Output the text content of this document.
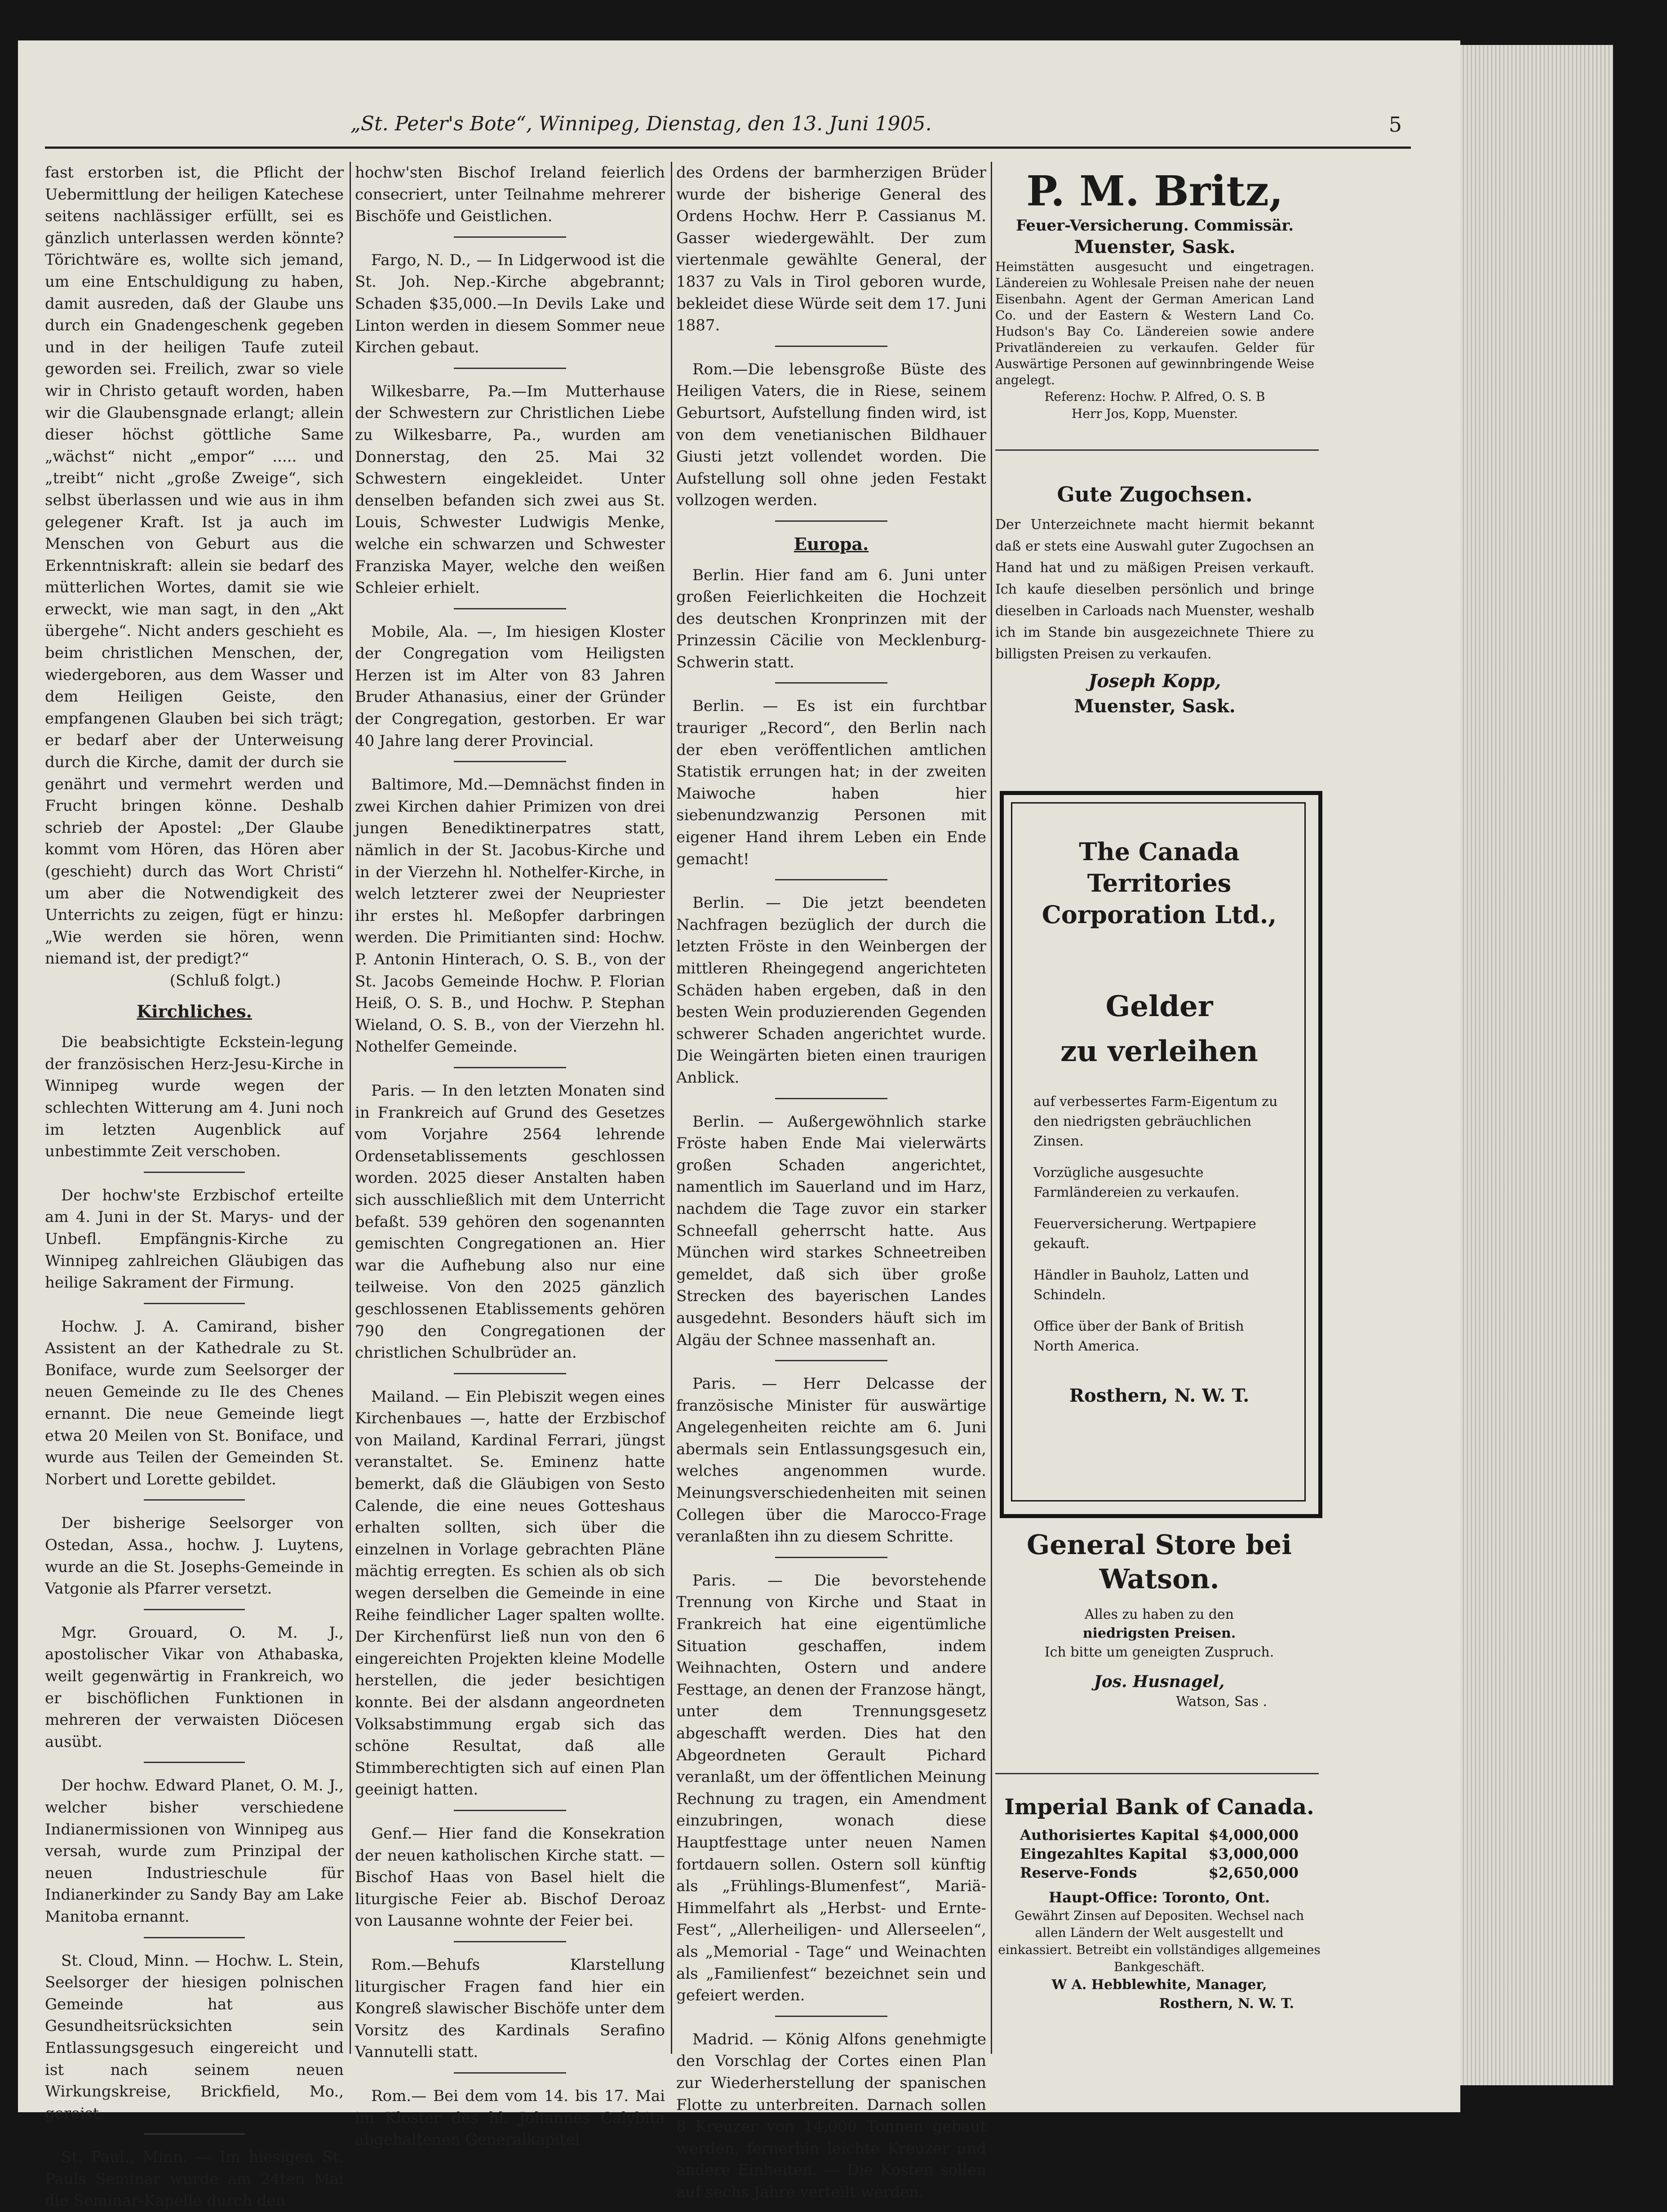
„St. Peter's Bote“, Winnipeg, Dienstag, den 13. Juni 1905.	5

fast erstorben ist, die Pflicht der Uebermittlung der heiligen Katechese seitens nachlässiger erfüllt, sei es gänzlich unterlassen werden könnte? Törichtwäre es, wollte sich jemand, um eine Entschuldigung zu haben, damit ausreden, daß der Glaube uns durch ein Gnadengeschenk gegeben und in der heiligen Taufe zuteil geworden sei. Freilich, zwar so viele wir in Christo getauft worden, haben wir die Glaubensgnade erlangt; allein dieser höchst göttliche Same „wächst“ nicht „empor“ ..... und „treibt“ nicht „große Zweige“, sich selbst überlassen und wie aus in ihm gelegener Kraft. Ist ja auch im Menschen von Geburt aus die Erkenntniskraft: allein sie bedarf des mütterlichen Wortes, damit sie wie erweckt, wie man sagt, in den „Akt übergehe“. Nicht anders geschieht es beim christlichen Menschen, der, wiedergeboren, aus dem Wasser und dem Heiligen Geiste, den empfangenen Glauben bei sich trägt; er bedarf aber der Unterweisung durch die Kirche, damit der durch sie genährt und vermehrt werden und Frucht bringen könne. Deshalb schrieb der Apostel: „Der Glaube kommt vom Hören, das Hören aber (geschieht) durch das Wort Christi“ um aber die Notwendigkeit des Unterrichts zu zeigen, fügt er hinzu: „Wie werden sie hören, wenn niemand ist, der predigt?“

(Schluß folgt.)

Kirchliches.

Die beabsichtigte Eckstein-legung der französischen Herz-Jesu-Kirche in Winnipeg wurde wegen der schlechten Witterung am 4. Juni noch im letzten Augenblick auf unbestimmte Zeit verschoben.

Der hochw'ste Erzbischof erteilte am 4. Juni in der St. Marys- und der Unbefl. Empfängnis-Kirche zu Winnipeg zahlreichen Gläubigen das heilige Sakrament der Firmung.

Hochw. J. A. Camirand, bisher Assistent an der Kathedrale zu St. Boniface, wurde zum Seelsorger der neuen Gemeinde zu Ile des Chenes ernannt. Die neue Gemeinde liegt etwa 20 Meilen von St. Boniface, und wurde aus Teilen der Gemeinden St. Norbert und Lorette gebildet.

Der bisherige Seelsorger von Ostedan, Assa., hochw. J. Luytens, wurde an die St. Josephs-Gemeinde in Vatgonie als Pfarrer versetzt.

Mgr. Grouard, O. M. J., apostolischer Vikar von Athabaska, weilt gegenwärtig in Frankreich, wo er bischöflichen Funktionen in mehreren der verwaisten Diöcesen ausübt.

Der hochw. Edward Planet, O. M. J., welcher bisher verschiedene Indianermissionen von Winnipeg aus versah, wurde zum Prinzipal der neuen Industrieschule für Indianerkinder zu Sandy Bay am Lake Manitoba ernannt.

St. Cloud, Minn. — Hochw. L. Stein, Seelsorger der hiesigen polnischen Gemeinde hat aus Gesundheitsrücksichten sein Entlassungsgesuch eingereicht und ist nach seinem neuen Wirkungskreise, Brickfield, Mo., gereist.

St. Paul., Minn. — Im hiesigen St. Pauls Seminar wurde am 24ten Mai die Seminar-Kapelle durch den

hochw'sten Bischof Ireland feierlich consecriert, unter Teilnahme mehrerer Bischöfe und Geistlichen.

Fargo, N. D., — In Lidgerwood ist die St. Joh. Nep.-Kirche abgebrannt; Schaden $35,000.—In Devils Lake und Linton werden in diesem Sommer neue Kirchen gebaut.

Wilkesbarre, Pa.—Im Mutterhause der Schwestern zur Christlichen Liebe zu Wilkesbarre, Pa., wurden am Donnerstag, den 25. Mai 32 Schwestern eingekleidet. Unter denselben befanden sich zwei aus St. Louis, Schwester Ludwigis Menke, welche ein schwarzen und Schwester Franziska Mayer, welche den weißen Schleier erhielt.

Mobile, Ala. —, Im hiesigen Kloster der Congregation vom Heiligsten Herzen ist im Alter von 83 Jahren Bruder Athanasius, einer der Gründer der Congregation, gestorben. Er war 40 Jahre lang derer Provincial.

Baltimore, Md.—Demnächst finden in zwei Kirchen dahier Primizen von drei jungen Benediktinerpatres statt, nämlich in der St. Jacobus-Kirche und in der Vierzehn hl. Nothelfer-Kirche, in welch letzterer zwei der Neupriester ihr erstes hl. Meßopfer darbringen werden. Die Primitianten sind: Hochw. P. Antonin Hinterach, O. S. B., von der St. Jacobs Gemeinde Hochw. P. Florian Heiß, O. S. B., und Hochw. P. Stephan Wieland, O. S. B., von der Vierzehn hl. Nothelfer Gemeinde.

Paris. — In den letzten Monaten sind in Frankreich auf Grund des Gesetzes vom Vorjahre 2564 lehrende Ordensetablissements geschlossen worden. 2025 dieser Anstalten haben sich ausschließlich mit dem Unterricht befaßt. 539 gehören den sogenannten gemischten Congregationen an. Hier war die Aufhebung also nur eine teilweise. Von den 2025 gänzlich geschlossenen Etablissements gehören 790 den Congregationen der christlichen Schulbrüder an.

Mailand. — Ein Plebiszit wegen eines Kirchenbaues —, hatte der Erzbischof von Mailand, Kardinal Ferrari, jüngst veranstaltet. Se. Eminenz hatte bemerkt, daß die Gläubigen von Sesto Calende, die eine neues Gotteshaus erhalten sollten, sich über die einzelnen in Vorlage gebrachten Pläne mächtig erregten. Es schien als ob sich wegen derselben die Gemeinde in eine Reihe feindlicher Lager spalten wollte. Der Kirchenfürst ließ nun von den 6 eingereichten Projekten kleine Modelle herstellen, die jeder besichtigen konnte. Bei der alsdann angeordneten Volksabstimmung ergab sich das schöne Resultat, daß alle Stimmberechtigten sich auf einen Plan geeinigt hatten.

Genf.— Hier fand die Konsekration der neuen katholischen Kirche statt. — Bischof Haas von Basel hielt die liturgische Feier ab. Bischof Deroaz von Lausanne wohnte der Feier bei.

Rom.—Behufs Klarstellung liturgischer Fragen fand hier ein Kongreß slawischer Bischöfe unter dem Vorsitz des Kardinals Serafino Vannutelli statt.

Rom.— Bei dem vom 14. bis 17. Mai im Kloster des hl. Johannes Calybita abgehaltenen Generalkapitel

des Ordens der barmherzigen Brüder wurde der bisherige General des Ordens Hochw. Herr P. Cassianus M. Gasser wiedergewählt. Der zum viertenmale gewählte General, der 1837 zu Vals in Tirol geboren wurde, bekleidet diese Würde seit dem 17. Juni 1887.

Rom.—Die lebensgroße Büste des Heiligen Vaters, die in Riese, seinem Geburtsort, Aufstellung finden wird, ist von dem venetianischen Bildhauer Giusti jetzt vollendet worden. Die Aufstellung soll ohne jeden Festakt vollzogen werden.

Europa.

Berlin. Hier fand am 6. Juni unter großen Feierlichkeiten die Hochzeit des deutschen Kronprinzen mit der Prinzessin Cäcilie von Mecklenburg-Schwerin statt.

Berlin. — Es ist ein furchtbar trauriger „Record“, den Berlin nach der eben veröffentlichen amtlichen Statistik errungen hat; in der zweiten Maiwoche haben hier siebenundzwanzig Personen mit eigener Hand ihrem Leben ein Ende gemacht!

Berlin. — Die jetzt beendeten Nachfragen bezüglich der durch die letzten Fröste in den Weinbergen der mittleren Rheingegend angerichteten Schäden haben ergeben, daß in den besten Wein produzierenden Gegenden schwerer Schaden angerichtet wurde. Die Weingärten bieten einen traurigen Anblick.

Berlin. — Außergewöhnlich starke Fröste haben Ende Mai vielerwärts großen Schaden angerichtet, namentlich im Sauerland und im Harz, nachdem die Tage zuvor ein starker Schneefall geherrscht hatte. Aus München wird starkes Schneetreiben gemeldet, daß sich über große Strecken des bayerischen Landes ausgedehnt. Besonders häuft sich im Algäu der Schnee massenhaft an.

Paris. — Herr Delcasse der französische Minister für auswärtige Angelegenheiten reichte am 6. Juni abermals sein Entlassungsgesuch ein, welches angenommen wurde. Meinungsverschiedenheiten mit seinen Collegen über die Marocco-Frage veranlaßten ihn zu diesem Schritte.

Paris. — Die bevorstehende Trennung von Kirche und Staat in Frankreich hat eine eigentümliche Situation geschaffen, indem Weihnachten, Ostern und andere Festtage, an denen der Franzose hängt, unter dem Trennungsgesetz abgeschafft werden. Dies hat den Abgeordneten Gerault Pichard veranlaßt, um der öffentlichen Meinung Rechnung zu tragen, ein Amendment einzubringen, wonach diese Hauptfesttage unter neuen Namen fortdauern sollen. Ostern soll künftig als „Frühlings-Blumenfest“, Mariä-Himmelfahrt als „Herbst- und Ernte-Fest“, „Allerheiligen- und Allerseelen“, als „Memorial - Tage“ und Weinachten als „Familienfest“ bezeichnet sein und gefeiert werden.

Madrid. — König Alfons genehmigte den Vorschlag der Cortes einen Plan zur Wiederherstellung der spanischen Flotte zu unterbreiten. Darnach sollen 8 Kreuzer von 14,000 Tonnen gebaut werden, fernerhin leichte Kreuzer und andere Einheiten. — Die Kosten sollen auf sechs Jahre verteilt werden.

P. M. Britz,
Feuer-Versicherung. Commissär.
Muenster, Sask.
Heimstätten ausgesucht und eingetragen. Ländereien zu Wohlesale Preisen nahe der neuen Eisenbahn. Agent der German American Land Co. und der Eastern & Western Land Co. Hudson's Bay Co. Ländereien sowie andere Privatländereien zu verkaufen. Gelder für Auswärtige Personen auf gewinnbringende Weise angelegt.
Referenz: Hochw. P. Alfred, O. S. B
Herr Jos, Kopp, Muenster.
Gute Zugochsen.
Der Unterzeichnete macht hiermit bekannt daß er stets eine Auswahl guter Zugochsen an Hand hat und zu mäßigen Preisen verkauft. Ich kaufe dieselben persönlich und bringe dieselben in Carloads nach Muenster, weshalb ich im Stande bin ausgezeichnete Thiere zu billigsten Preisen zu verkaufen.
Joseph Kopp,
Muenster, Sask.
The Canada Territories Corporation Ltd.,
Gelder
zu verleihen

auf verbessertes Farm-Eigentum zu den niedrigsten gebräuchlichen Zinsen.

Vorzügliche ausgesuchte Farmländereien zu verkaufen.

Feuerversicherung. Wertpapiere gekauft.

Händler in Bauholz, Latten und Schindeln.

Office über der Bank of British North America.

Rosthern, N. W. T.
General Store bei
Watson.
Alles zu haben zu den
niedrigsten Preisen.
Ich bitte um geneigten Zuspruch.
Jos. Husnagel,
Watson, Sas .
Imperial Bank of Canada.
Authorisiertes Kapital	$4,000,000
Eingezahltes Kapital	$3,000,000
Reserve-Fonds	$2,650,000
Haupt-Office: Toronto, Ont.
Gewährt Zinsen auf Depositen. Wechsel nach allen Ländern der Welt ausgestellt und einkassiert. Betreibt ein vollständiges allgemeines Bankgeschäft.
W A. Hebblewhite, Manager,
Rosthern, N. W. T.
